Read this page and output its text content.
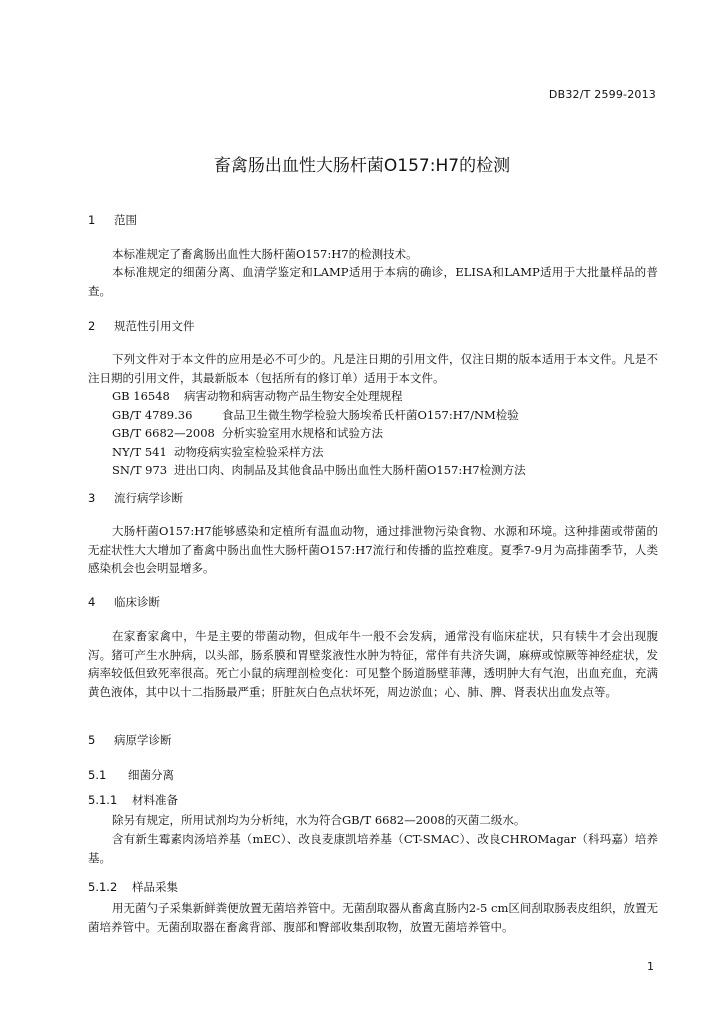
DB32/T 2599-2013
畜禽肠出血性大肠杆菌O157:H7的检测
1 范围
本标准规定了畜禽肠出血性大肠杆菌O157:H7的检测技术。
本标准规定的细菌分离、血清学鉴定和LAMP适用于本病的确诊，ELISA和LAMP适用于大批量样品的普查。
2 规范性引用文件
下列文件对于本文件的应用是必不可少的。凡是注日期的引用文件，仅注日期的版本适用于本文件。凡是不注日期的引用文件，其最新版本（包括所有的修订单）适用于本文件。
GB 16548 病害动物和病害动物产品生物安全处理规程
GB/T 4789.36	食品卫生微生物学检验大肠埃希氏杆菌O157:H7/NM检验
GB/T 6682—2008 分析实验室用水规格和试验方法
NY/T 541 动物疫病实验室检验采样方法
SN/T 973 进出口肉、肉制品及其他食品中肠出血性大肠杆菌O157:H7检测方法
3 流行病学诊断
大肠杆菌O157:H7能够感染和定植所有温血动物，通过排泄物污染食物、水源和环境。这种排菌或带菌的无症状性大大增加了畜禽中肠出血性大肠杆菌O157:H7流行和传播的监控难度。夏季7-9月为高排菌季节，人类感染机会也会明显增多。
4 临床诊断
在家畜家禽中，牛是主要的带菌动物，但成年牛一般不会发病，通常没有临床症状，只有犊牛才会出现腹泻。猪可产生水肿病，以头部，肠系膜和胃壁浆液性水肿为特征，常伴有共济失调，麻痹或惊厥等神经症状，发病率较低但致死率很高。死亡小鼠的病理剖检变化：可见整个肠道肠壁菲薄，透明肿大有气泡，出血充血，充满黄色液体，其中以十二指肠最严重；肝脏灰白色点状坏死，周边淤血；心、肺、脾、肾表状出血发点等。
5 病原学诊断
5.1 细菌分离
5.1.1 材料准备
除另有规定，所用试剂均为分析纯，水为符合GB/T 6682—2008的灭菌二级水。
含有新生霉素肉汤培养基（mEC）、改良麦康凯培养基（CT-SMAC）、改良CHROMagar（科玛嘉）培养基。
5.1.2 样品采集
用无菌勺子采集新鲜粪便放置无菌培养管中。无菌刮取器从畜禽直肠内2-5 cm区间刮取肠表皮组织，放置无菌培养管中。无菌刮取器在畜禽背部、腹部和臀部收集刮取物，放置无菌培养管中。
1
